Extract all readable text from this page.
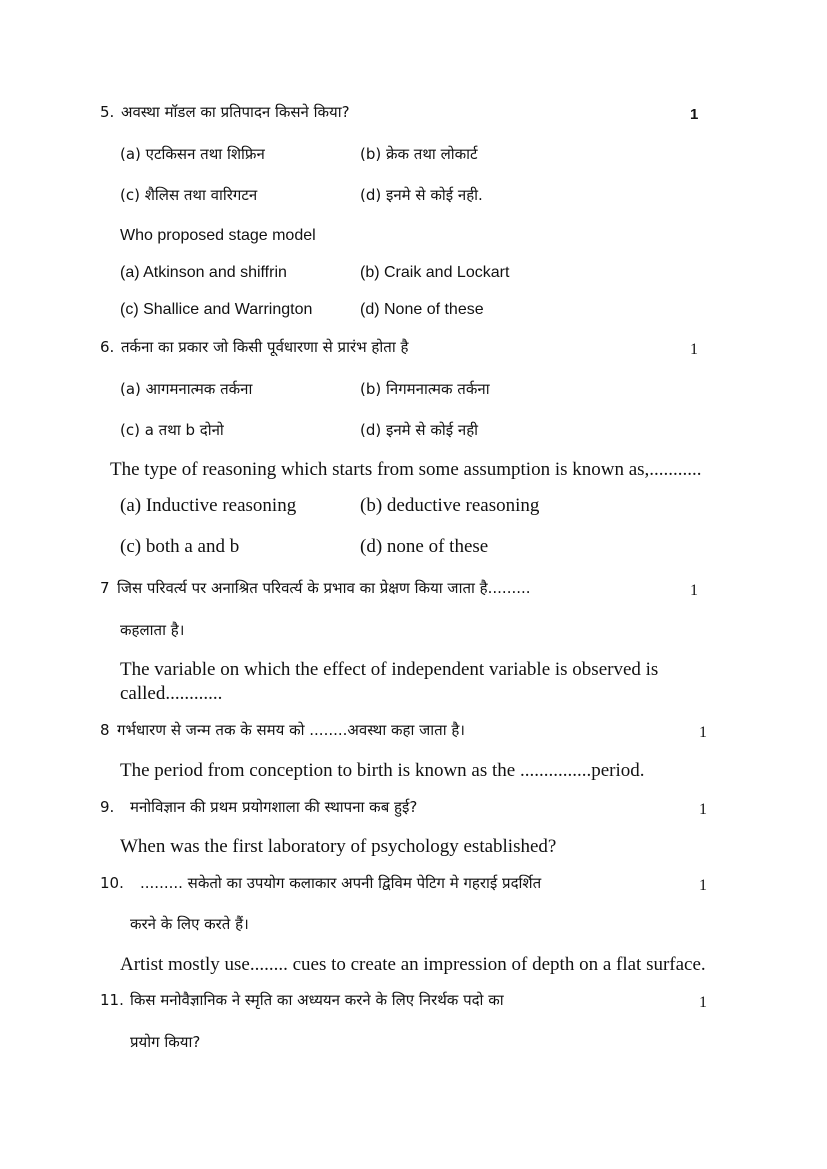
5. अवस्था मॉडल का प्रतिपादन किसने किया?	1
(a) एटकिसन तथा शिफ्रिन	(b) क्रेक तथा लोकार्ट
(c) शैलिस तथा वारिगटन	(d) इनमे से कोई नही.
Who proposed stage model
(a) Atkinson and shiffrin	(b) Craik and Lockart
(c) Shallice and Warrington	(d) None of these
6. तर्कना का प्रकार जो किसी पूर्वधारणा से प्रारंभ होता है	1
(a) आगमनात्मक तर्कना	(b) निगमनात्मक तर्कना
(c) a तथा b दोनो	(d) इनमे से कोई नही
The type of reasoning which starts from some assumption is known as,...........
(a) Inductive reasoning	(b) deductive reasoning
(c) both a and b	(d) none of these
7 जिस परिवर्त्य पर अनाश्रित परिवर्त्य के प्रभाव का प्रेक्षण किया जाता है.........	1
कहलाता है।
The variable on which the effect of independent variable is observed is
called............
8 गर्भधारण से जन्म तक के समय को ........अवस्था कहा जाता है।	1
The period from conception to birth is known as the ...............period.
9. मनोविज्ञान की प्रथम प्रयोगशाला की स्थापना कब हुई?	1
When was the first laboratory of psychology established?
10. ......... सकेतो का उपयोग कलाकार अपनी द्विविम पेटिग मे गहराई प्रदर्शित	1
करने के लिए करते हैं।
Artist mostly use........ cues to create an impression of depth on a flat surface.
11. किस मनोवैज्ञानिक ने स्मृति का अध्ययन करने के लिए निरर्थक पदो का	1
प्रयोग किया?
